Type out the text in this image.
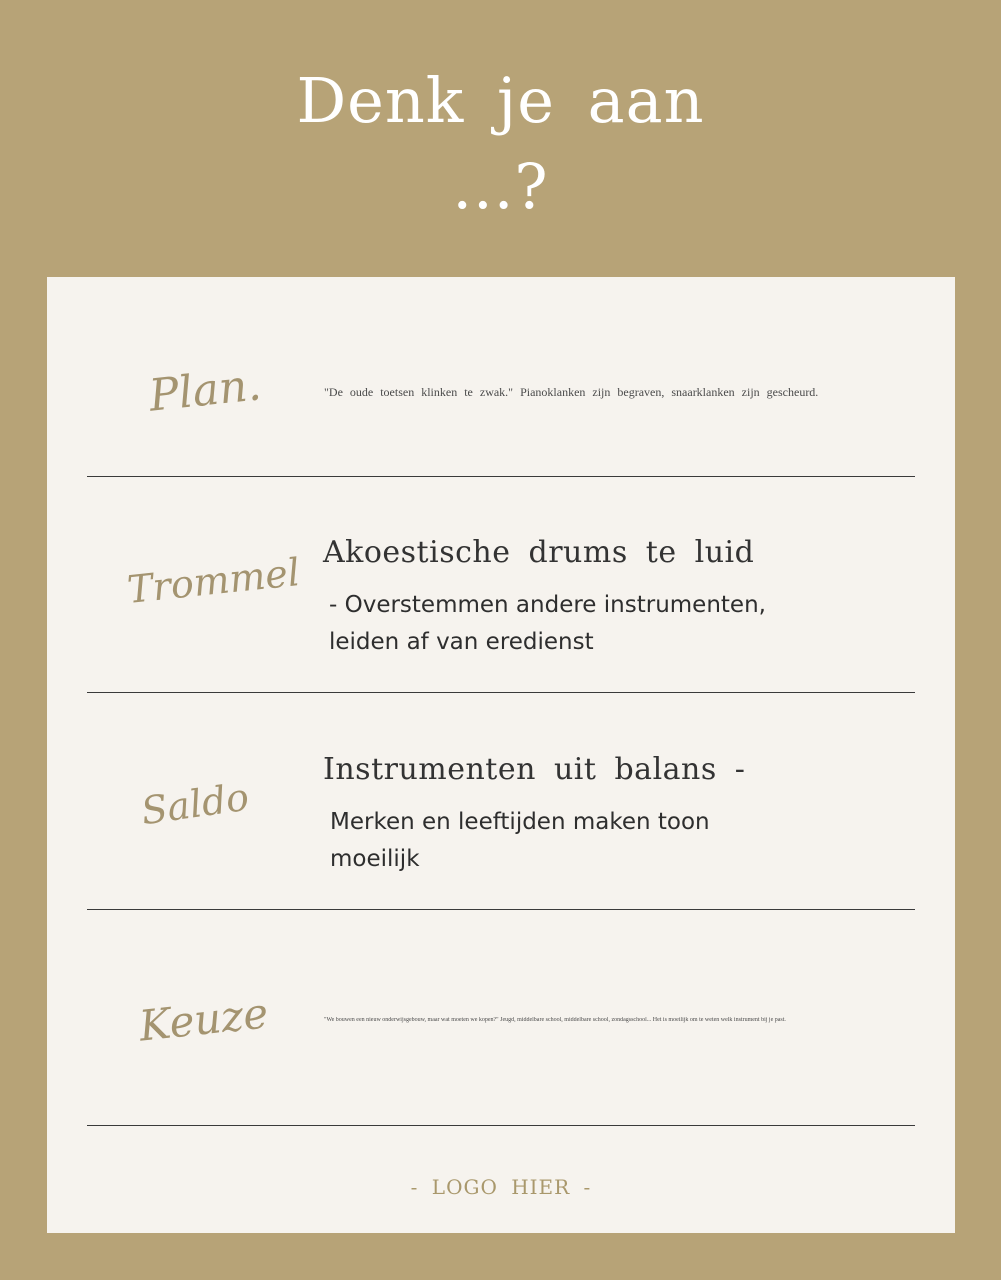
Denk je aan
...?
Plan.	"De oude toetsen klinken te zwak." Pianoklanken zijn begraven, snaarklanken zijn gescheurd.
Trommel Akoestische drums te luid
- Overstemmen andere instrumenten,
leiden af van eredienst
Saldo
Instrumenten uit balans -
Merken en leeftijden maken toon
moeilijk
Keuze	"We bouwen een nieuw onderwijsgebouw, maar wat moeten we kopen?" Jeugd, middelbare school, middelbare school, zondagsschool... Het is moeilijk om te weten welk instrument bij je past.
- LOGO HIER -
